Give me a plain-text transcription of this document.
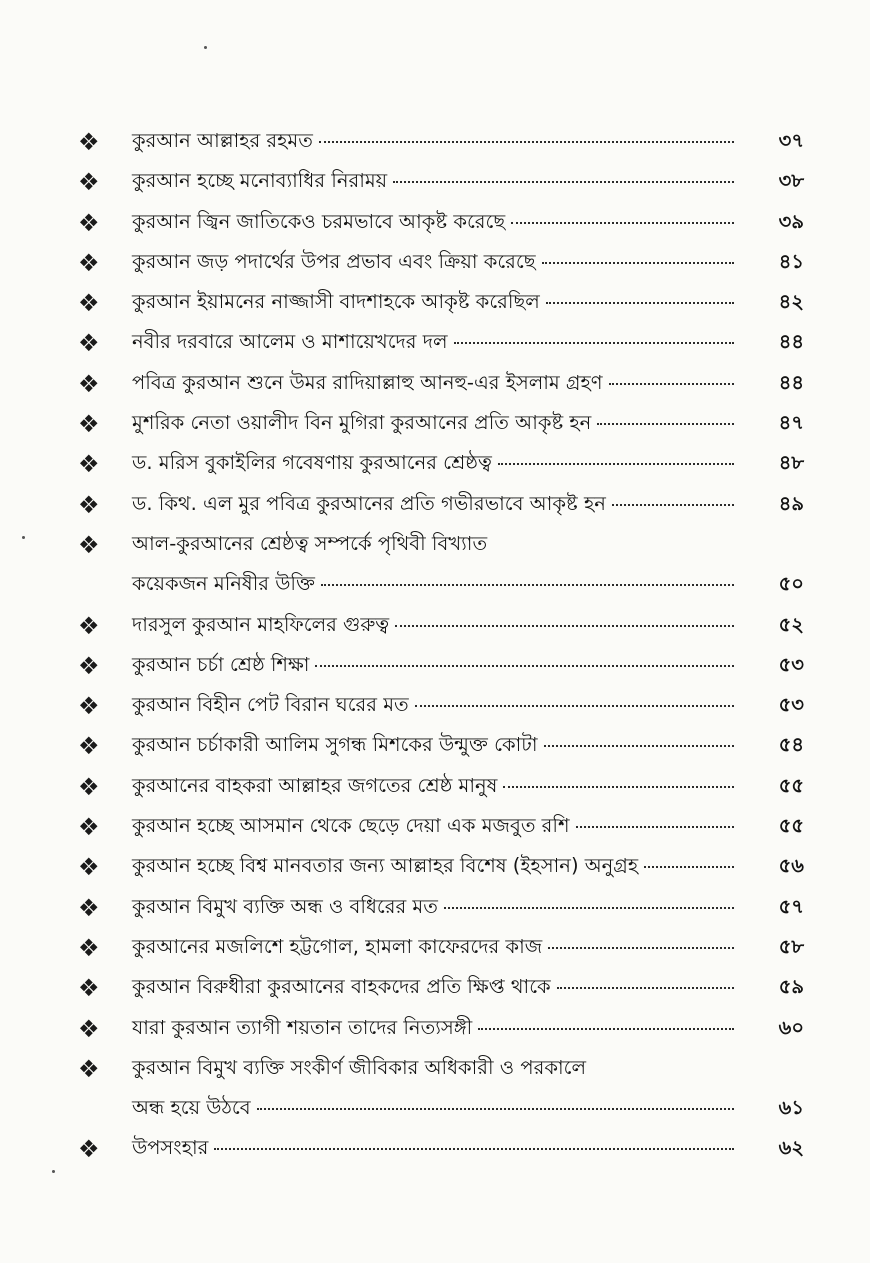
❖ কুরআন আল্লাহর রহমত	৩৭
❖ কুরআন হচ্ছে মনোব্যাধির নিরাময়	৩৮
❖ কুরআন জ্বিন জাতিকেও চরমভাবে আকৃষ্ট করেছে	৩৯
❖ কুরআন জড় পদার্থের উপর প্রভাব এবং ক্রিয়া করেছে	৪১
❖ কুরআন ইয়ামনের নাজ্জাসী বাদশাহকে আকৃষ্ট করেছিল	৪২
❖ নবীর দরবারে আলেম ও মাশায়েখদের দল	৪৪
❖ পবিত্র কুরআন শুনে উমর রাদিয়াল্লাহু আনহু-এর ইসলাম গ্রহণ	৪৪
❖ মুশরিক নেতা ওয়ালীদ বিন মুগিরা কুরআনের প্রতি আকৃষ্ট হন	৪৭
❖ ড. মরিস বুকাইলির গবেষণায় কুরআনের শ্রেষ্ঠত্ব	৪৮
❖ ড. কিথ. এল মুর পবিত্র কুরআনের প্রতি গভীরভাবে আকৃষ্ট হন	৪৯
❖ আল-কুরআনের শ্রেষ্ঠত্ব সম্পর্কে পৃথিবী বিখ্যাত
কয়েকজন মনিষীর উক্তি	৫০
❖ দারসুল কুরআন মাহফিলের গুরুত্ব	৫২
❖ কুরআন চর্চা শ্রেষ্ঠ শিক্ষা	৫৩
❖ কুরআন বিহীন পেট বিরান ঘরের মত	৫৩
❖ কুরআন চর্চাকারী আলিম সুগন্ধ মিশকের উন্মুক্ত কোটা	৫৪
❖ কুরআনের বাহকরা আল্লাহর জগতের শ্রেষ্ঠ মানুষ	৫৫
❖ কুরআন হচ্ছে আসমান থেকে ছেড়ে দেয়া এক মজবুত রশি	৫৫
❖ কুরআন হচ্ছে বিশ্ব মানবতার জন্য আল্লাহর বিশেষ (ইহসান) অনুগ্রহ	৫৬
❖ কুরআন বিমুখ ব্যক্তি অন্ধ ও বধিরের মত	৫৭
❖ কুরআনের মজলিশে হট্টগোল, হামলা কাফেরদের কাজ	৫৮
❖ কুরআন বিরুধীরা কুরআনের বাহকদের প্রতি ক্ষিপ্ত থাকে	৫৯
❖ যারা কুরআন ত্যাগী শয়তান তাদের নিত্যসঙ্গী	৬০
❖ কুরআন বিমুখ ব্যক্তি সংকীর্ণ জীবিকার অধিকারী ও পরকালে
অন্ধ হয়ে উঠবে	৬১
❖ উপসংহার	৬২
